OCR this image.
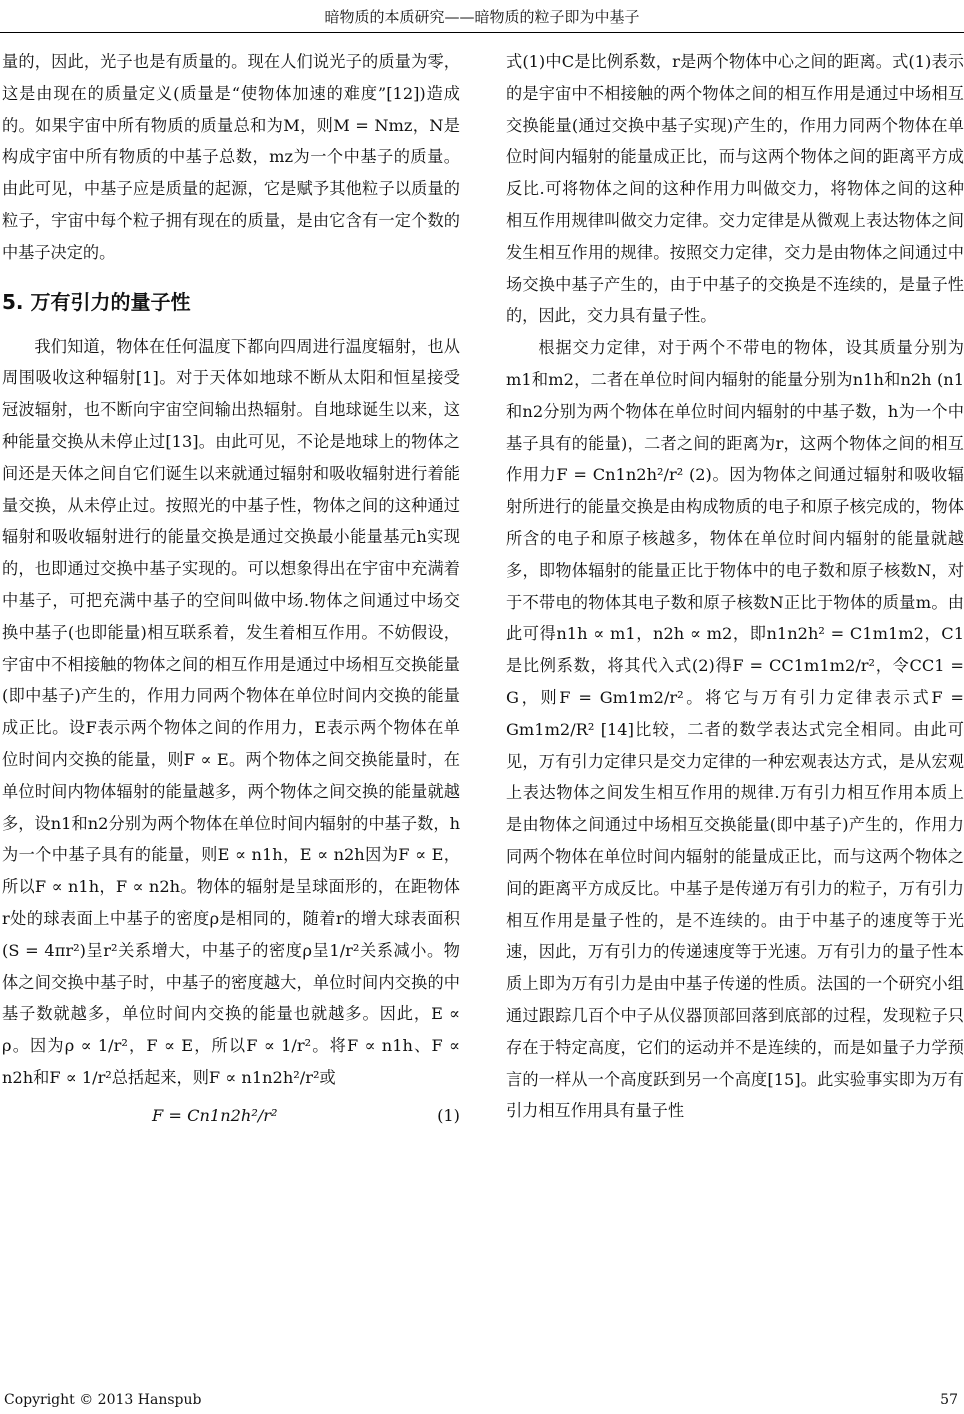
暗物质的本质研究——暗物质的粒子即为中基子

量的，因此，光子也是有质量的。现在人们说光子的质量为零，这是由现在的质量定义(质量是“使物体加速的难度”[12])造成的。如果宇宙中所有物质的质量总和为M，则M = Nmz，N是构成宇宙中所有物质的中基子总数，mz为一个中基子的质量。由此可见，中基子应是质量的起源，它是赋予其他粒子以质量的粒子，宇宙中每个粒子拥有现在的质量，是由它含有一定个数的中基子决定的。

5. 万有引力的量子性

我们知道，物体在任何温度下都向四周进行温度辐射，也从周围吸收这种辐射[1]。对于天体如地球不断从太阳和恒星接受冠波辐射，也不断向宇宙空间输出热辐射。自地球诞生以来，这种能量交换从未停止过[13]。由此可见，不论是地球上的物体之间还是天体之间自它们诞生以来就通过辐射和吸收辐射进行着能量交换，从未停止过。按照光的中基子性，物体之间的这种通过辐射和吸收辐射进行的能量交换是通过交换最小能量基元h实现的，也即通过交换中基子实现的。可以想象得出在宇宙中充满着中基子，可把充满中基子的空间叫做中场.物体之间通过中场交换中基子(也即能量)相互联系着，发生着相互作用。不妨假设，宇宙中不相接触的物体之间的相互作用是通过中场相互交换能量(即中基子)产生的，作用力同两个物体在单位时间内交换的能量成正比。设F表示两个物体之间的作用力，E表示两个物体在单位时间内交换的能量，则F ∝ E。两个物体之间交换能量时，在单位时间内物体辐射的能量越多，两个物体之间交换的能量就越多，设n1和n2分别为两个物体在单位时间内辐射的中基子数，h为一个中基子具有的能量，则E ∝ n1h，E ∝ n2h因为F ∝ E，所以F ∝ n1h，F ∝ n2h。物体的辐射是呈球面形的，在距物体r处的球表面上中基子的密度ρ是相同的，随着r的增大球表面积(S = 4πr²)呈r²关系增大，中基子的密度ρ呈1/r²关系减小。物体之间交换中基子时，中基子的密度越大，单位时间内交换的中基子数就越多，单位时间内交换的能量也就越多。因此，E ∝ ρ。因为ρ ∝ 1/r²，F ∝ E，所以F ∝ 1/r²。将F ∝ n1h、F ∝ n2h和F ∝ 1/r²总括起来，则F ∝ n1n2h²/r²或

F = Cn1n2h²/r²	(1)

式(1)中C是比例系数，r是两个物体中心之间的距离。式(1)表示的是宇宙中不相接触的两个物体之间的相互作用是通过中场相互交换能量(通过交换中基子实现)产生的，作用力同两个物体在单位时间内辐射的能量成正比，而与这两个物体之间的距离平方成反比.可将物体之间的这种作用力叫做交力，将物体之间的这种相互作用规律叫做交力定律。交力定律是从微观上表达物体之间发生相互作用的规律。按照交力定律，交力是由物体之间通过中场交换中基子产生的，由于中基子的交换是不连续的，是量子性的，因此，交力具有量子性。

根据交力定律，对于两个不带电的物体，设其质量分别为m1和m2，二者在单位时间内辐射的能量分别为n1h和n2h (n1和n2分别为两个物体在单位时间内辐射的中基子数，h为一个中基子具有的能量)，二者之间的距离为r，这两个物体之间的相互作用力F = Cn1n2h²/r² (2)。因为物体之间通过辐射和吸收辐射所进行的能量交换是由构成物质的电子和原子核完成的，物体所含的电子和原子核越多，物体在单位时间内辐射的能量就越多，即物体辐射的能量正比于物体中的电子数和原子核数N，对于不带电的物体其电子数和原子核数N正比于物体的质量m。由此可得n1h ∝ m1，n2h ∝ m2，即n1n2h² = C1m1m2，C1是比例系数，将其代入式(2)得F = CC1m1m2/r²，令CC1 = G，则F = Gm1m2/r²。将它与万有引力定律表示式F = Gm1m2/R² [14]比较，二者的数学表达式完全相同。由此可见，万有引力定律只是交力定律的一种宏观表达方式，是从宏观上表达物体之间发生相互作用的规律.万有引力相互作用本质上是由物体之间通过中场相互交换能量(即中基子)产生的，作用力同两个物体在单位时间内辐射的能量成正比，而与这两个物体之间的距离平方成反比。中基子是传递万有引力的粒子，万有引力相互作用是量子性的，是不连续的。由于中基子的速度等于光速，因此，万有引力的传递速度等于光速。万有引力的量子性本质上即为万有引力是由中基子传递的性质。法国的一个研究小组通过跟踪几百个中子从仪器顶部回落到底部的过程，发现粒子只存在于特定高度，它们的运动并不是连续的，而是如量子力学预言的一样从一个高度跃到另一个高度[15]。此实验事实即为万有引力相互作用具有量子性

Copyright © 2013 Hanspub	57
